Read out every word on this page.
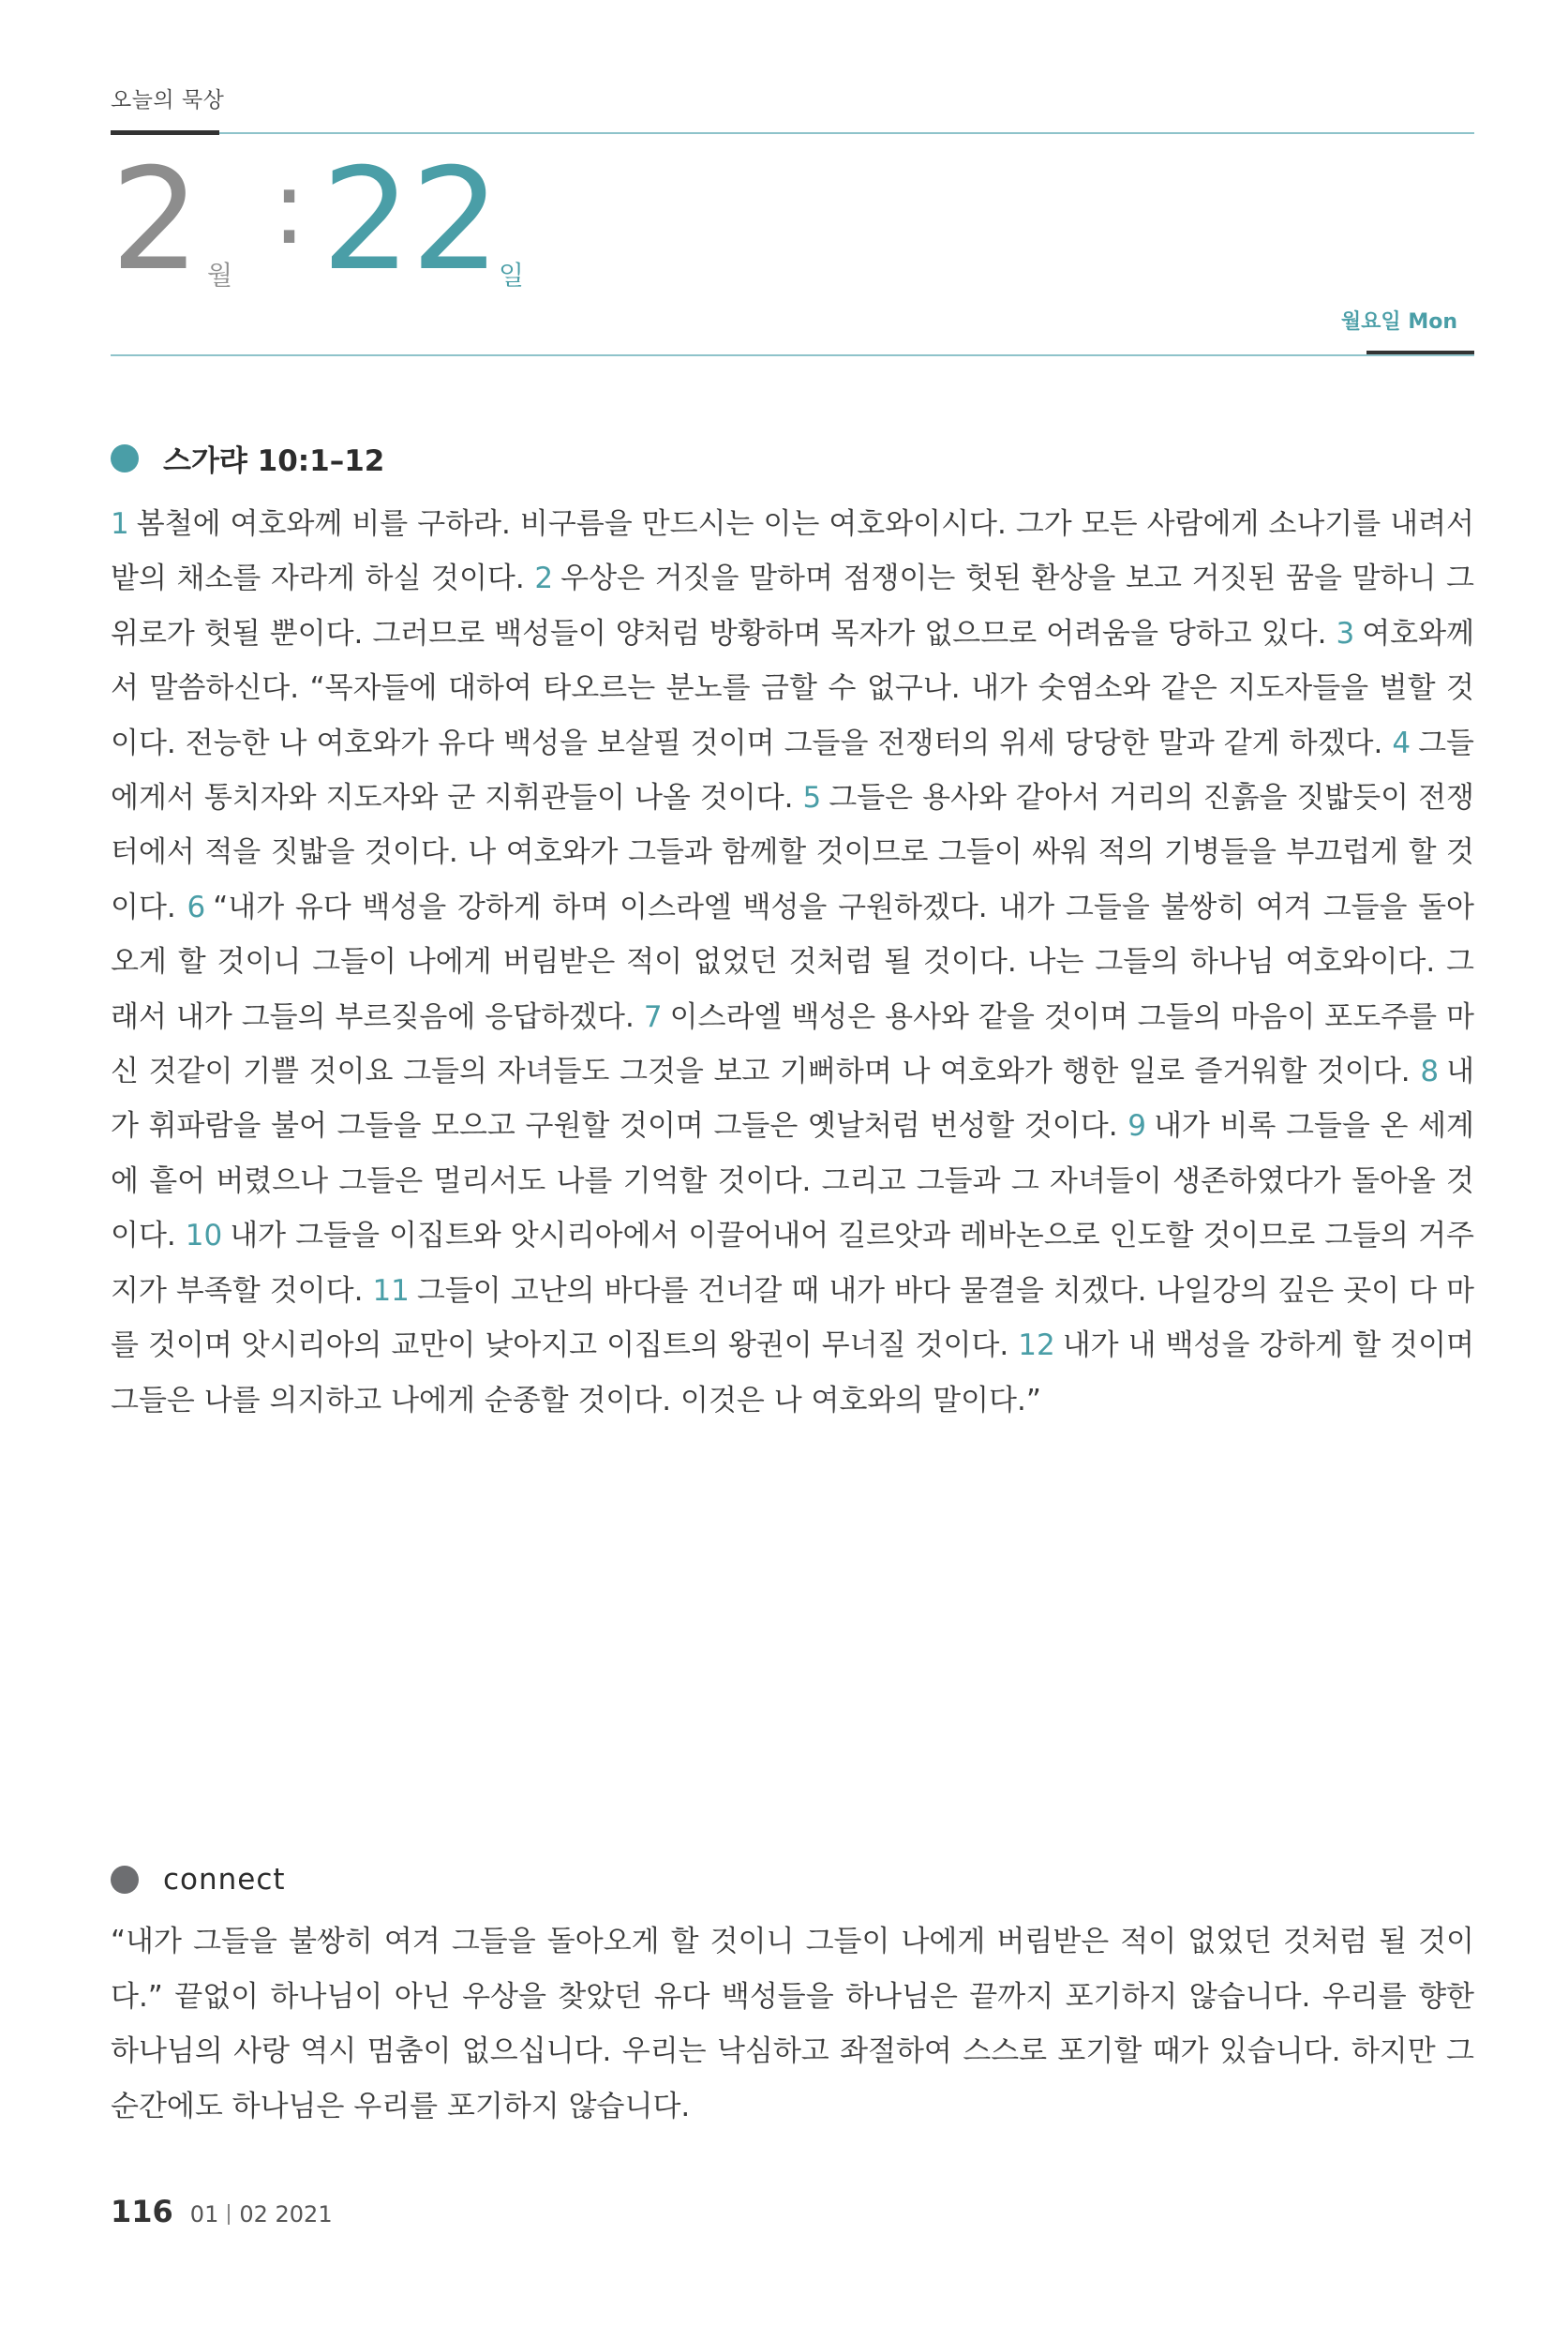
오늘의 묵상
2 월
: 22
일
월요일 Mon
스가랴 10:1–12
1 봄철에 여호와께 비를 구하라. 비구름을 만드시는 이는 여호와이시다. 그가 모든 사람에게 소나기를 내려서 밭의 채소를 자라게 하실 것이다. 2 우상은 거짓을 말하며 점쟁이는 헛된 환상을 보고 거짓된 꿈을 말하니 그 위로가 헛될 뿐이다. 그러므로 백성들이 양처럼 방황하며 목자가 없으므로 어려움을 당하고 있다. 3 여호와께서 말씀하신다. “목자들에 대하여 타오르는 분노를 금할 수 없구나. 내가 숫염소와 같은 지도자들을 벌할 것이다. 전능한 나 여호와가 유다 백성을 보살필 것이며 그들을 전쟁터의 위세 당당한 말과 같게 하겠다. 4 그들에게서 통치자와 지도자와 군 지휘관들이 나올 것이다. 5 그들은 용사와 같아서 거리의 진흙을 짓밟듯이 전쟁터에서 적을 짓밟을 것이다. 나 여호와가 그들과 함께할 것이므로 그들이 싸워 적의 기병들을 부끄럽게 할 것이다. 6 “내가 유다 백성을 강하게 하며 이스라엘 백성을 구원하겠다. 내가 그들을 불쌍히 여겨 그들을 돌아오게 할 것이니 그들이 나에게 버림받은 적이 없었던 것처럼 될 것이다. 나는 그들의 하나님 여호와이다. 그래서 내가 그들의 부르짖음에 응답하겠다. 7 이스라엘 백성은 용사와 같을 것이며 그들의 마음이 포도주를 마신 것같이 기쁠 것이요 그들의 자녀들도 그것을 보고 기뻐하며 나 여호와가 행한 일로 즐거워할 것이다. 8 내가 휘파람을 불어 그들을 모으고 구원할 것이며 그들은 옛날처럼 번성할 것이다. 9 내가 비록 그들을 온 세계에 흩어 버렸으나 그들은 멀리서도 나를 기억할 것이다. 그리고 그들과 그 자녀들이 생존하였다가 돌아올 것이다. 10 내가 그들을 이집트와 앗시리아에서 이끌어내어 길르앗과 레바논으로 인도할 것이므로 그들의 거주지가 부족할 것이다. 11 그들이 고난의 바다를 건너갈 때 내가 바다 물결을 치겠다. 나일강의 깊은 곳이 다 마를 것이며 앗시리아의 교만이 낮아지고 이집트의 왕권이 무너질 것이다. 12 내가 내 백성을 강하게 할 것이며 그들은 나를 의지하고 나에게 순종할 것이다. 이것은 나 여호와의 말이다.”
connect
“내가 그들을 불쌍히 여겨 그들을 돌아오게 할 것이니 그들이 나에게 버림받은 적이 없었던 것처럼 될 것이다.” 끝없이 하나님이 아닌 우상을 찾았던 유다 백성들을 하나님은 끝까지 포기하지 않습니다. 우리를 향한 하나님의 사랑 역시 멈춤이 없으십니다. 우리는 낙심하고 좌절하여 스스로 포기할 때가 있습니다. 하지만 그 순간에도 하나님은 우리를 포기하지 않습니다.
116 01 02 2021
